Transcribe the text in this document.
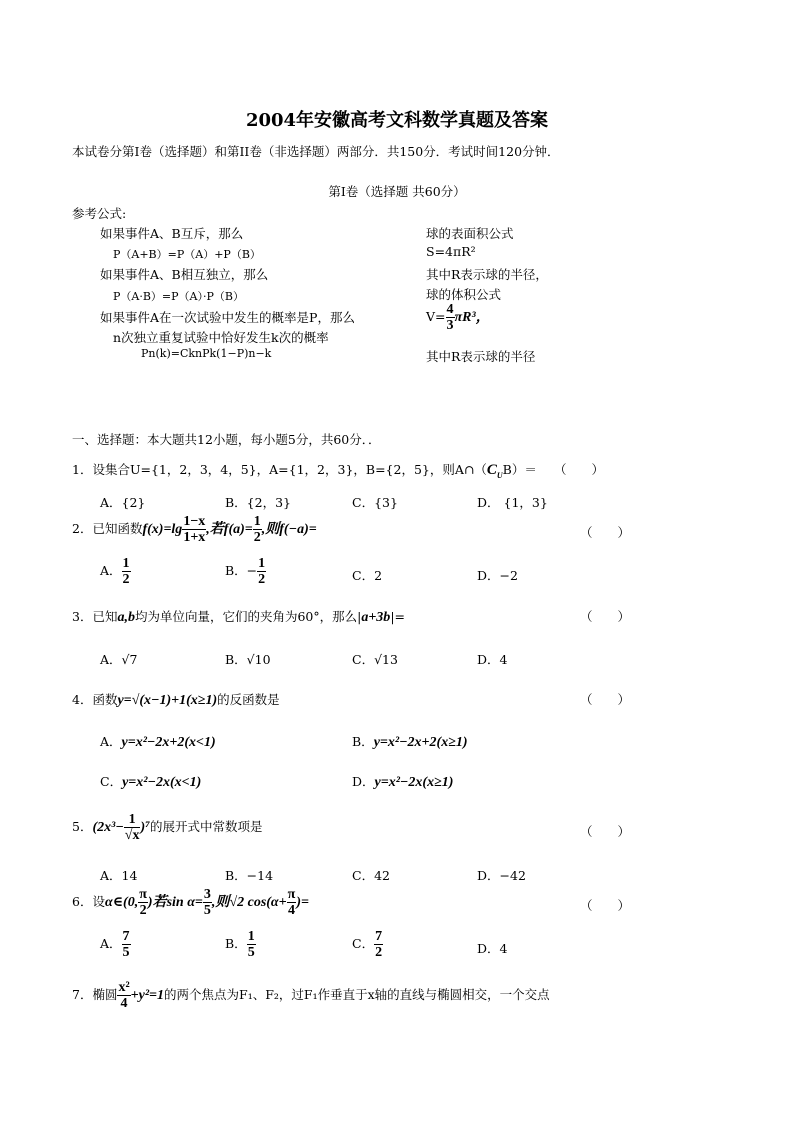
2004年安徽高考文科数学真题及答案
本试卷分第Ⅰ卷（选择题）和第II卷（非选择题）两部分．共150分．考试时间120分钟．
第Ⅰ卷（选择题 共60分）
参考公式:
如果事件A、B互斥，那么
P（A+B）=P（A）+P（B）
如果事件A、B相互独立，那么
P（A·B）=P（A）·P（B）
如果事件A在一次试验中发生的概率是P，那么
n次独立重复试验中恰好发生k次的概率
Pn(k)=CknPk(1−P)n−k
球的表面积公式
S=4πR²
其中R表示球的半径，
球的体积公式
$V= \frac{4}{3} \pi R^3$，
其中R表示球的半径
一、选择题：本大题共12小题，每小题5分，共60分．．
1．设集合U={1，2，3，4，5}，A={1，2，3}，B={2，5}，则$A\cap(C_UB)=$ （　　）
A．{2}	B．{2，3}	C．{3}	D． {1，3}
2．已知函数$f(x)=\lg \frac{1-x}{1+x}$ ,若$f(a)= \frac{1}{2}$ ,则f(−a)=	（　　）
A． $\frac{1}{2}$	B．− $\frac{1}{2}$	C．2	D．−2
3．已知a,b均为单位向量，它们的夹角为60°，那么|a+3b|=	（　　）
A．√7	B．√10	C．√13	D．4
4．函数y=√(x−1)+1(x≥1)的反函数是	（　　）
A．y=x²−2x+2(x<1)	B．y=x²−2x+2(x≥1)
C．y=x²−2x(x<1)	D．y=x²−2x(x≥1)
5．$(2x^3- \frac{1}{√x} )^7$的展开式中常数项是	（　　）
A．14	B．−14	C．42	D．−42
6．设α∈(0, $\frac{\pi}{2}$ )若$\sin \alpha= \frac{3}{5}$ ,则√2 $\cos(\alpha+ \frac{\pi}{4}$ )=	（　　）
A． $\frac{7}{5}$	B． $\frac{1}{5}$	C． $\frac{7}{2}$	D．4
7．椭圆 $\frac{\text{x²}}{4} +y^2=1$的两个焦点为F₁、F₂，过F₁作垂直于x轴的直线与椭圆相交，一个交点
